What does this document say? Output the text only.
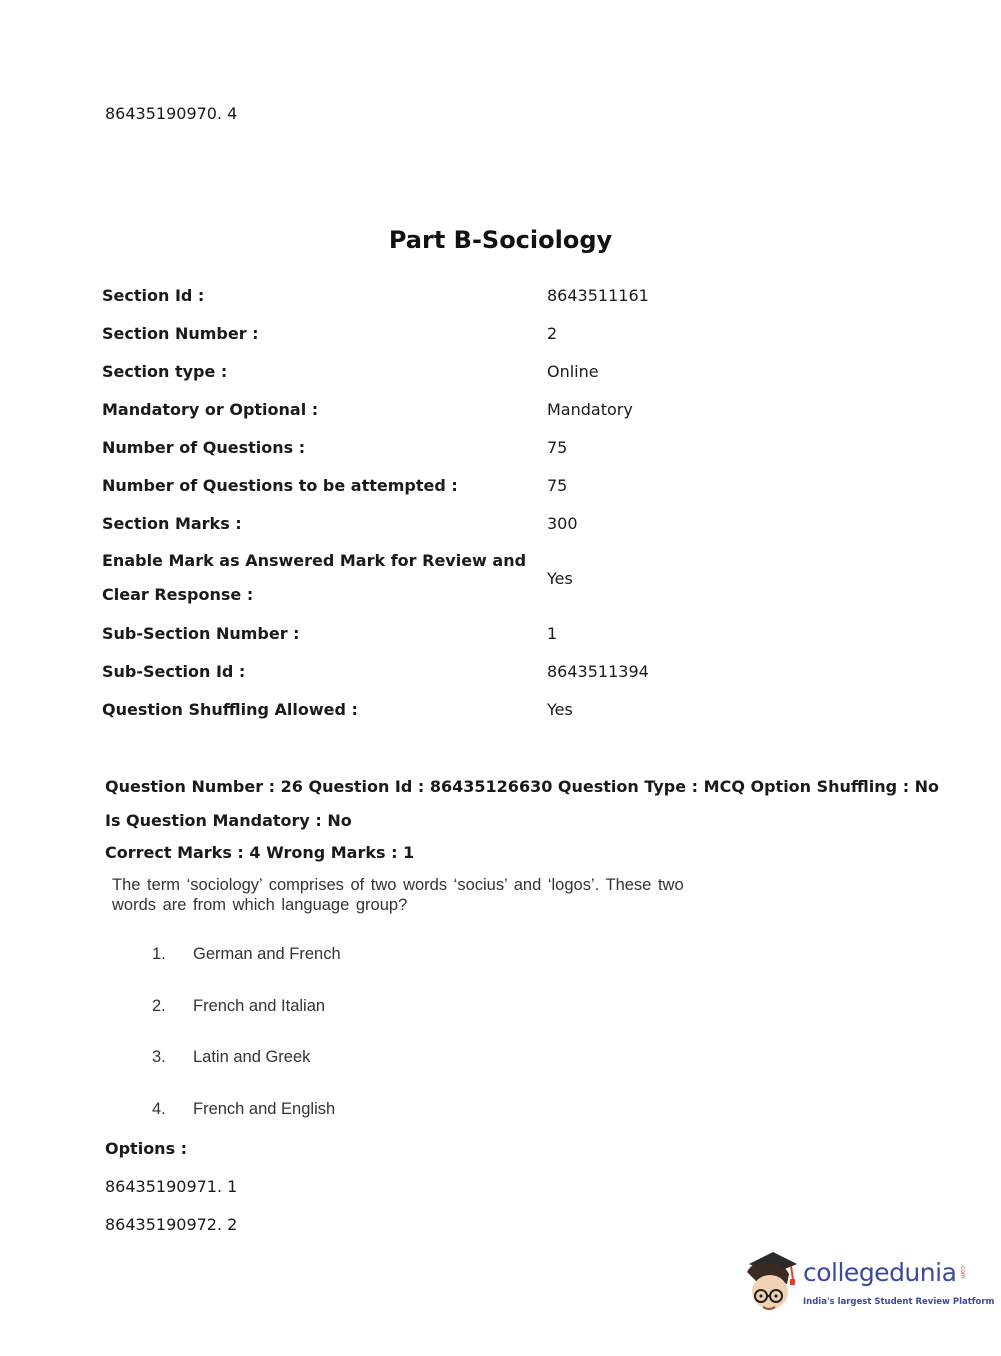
86435190970. 4
Part B-Sociology
Section Id :	8643511161
Section Number :	2
Section type :	Online
Mandatory or Optional :	Mandatory
Number of Questions :	75
Number of Questions to be attempted :	75
Section Marks :	300
Enable Mark as Answered Mark for Review and Clear Response :	Yes
Sub-Section Number :	1
Sub-Section Id :	8643511394
Question Shuffling Allowed :	Yes
Question Number : 26 Question Id : 86435126630 Question Type : MCQ Option Shuffling : No
Is Question Mandatory : No
Correct Marks : 4 Wrong Marks : 1
The term ‘sociology’ comprises of two words ‘socius’ and ‘logos’. These two words are from which language group?
1.	German and French
2.	French and Italian
3.	Latin and Greek
4.	French and English
Options :
86435190971. 1
86435190972. 2
collegedunia .com
India's largest Student Review Platform
